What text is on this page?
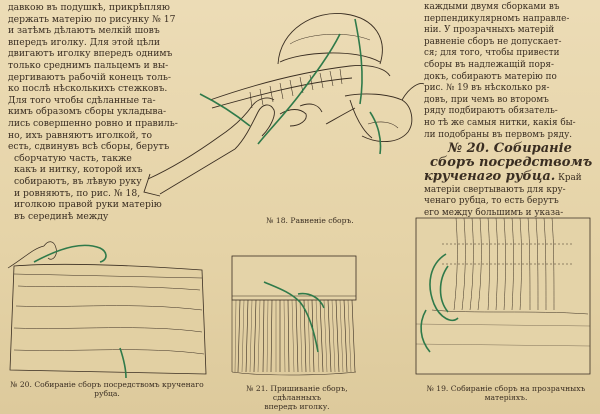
давкою въ подушкѣ, прикрѣпляю

держать матерію по рисунку № 17

и затѣмъ дѣлаютъ мелкій шовъ

впередъ иголку. Для этой цѣли

двигаютъ иголку впередъ однимъ

только среднимъ пальцемъ и вы-

дергиваютъ рабочій конецъ толь-

ко послѣ нѣсколькихъ стежковъ.

Для того чтобы сдѣланные та-

кимъ образомъ сборы укладыва-

лись совершенно ровно и правиль-

но, ихъ равняютъ иголкой, то

есть, сдвинувъ всѣ сборы, берутъ

сборчатую часть, также

какъ и нитку, которой ихъ

собираютъ, въ лѣвую руку

и ровняютъ, по рис. № 18,

иголкою правой руки матерію

въ серединѣ между

каждыми двумя сборками въ

перпендикулярномъ направле-

ніи. У прозрачныхъ матерій

равненіе сборъ не допускает-

ся; для того, чтобы привести

сборы въ надлежащій поря-

докъ, собираютъ матерію по

рис. № 19 въ нѣсколько ря-

довъ, при чемъ во второмъ

ряду подбираютъ обязатель-

но тѣ же самыя нитки, какія бы-

ли подобраны въ первомъ ряду.

№ 20. Собираніе

сборъ посредствомъ

крученаго рубца. Край

матеріи свертываютъ для кру-

ченаго рубца, то есть берутъ

его между большимъ и указа-

№ 18. Равненіе сборъ.
№ 20. Собираніе сборъ посредствомъ крученаго
рубца.
№ 21. Пришиваніе сборъ, сдѣланныхъ
впередъ иголку.
№ 19. Собираніе сборъ на прозрачныхъ
матеріяхъ.
